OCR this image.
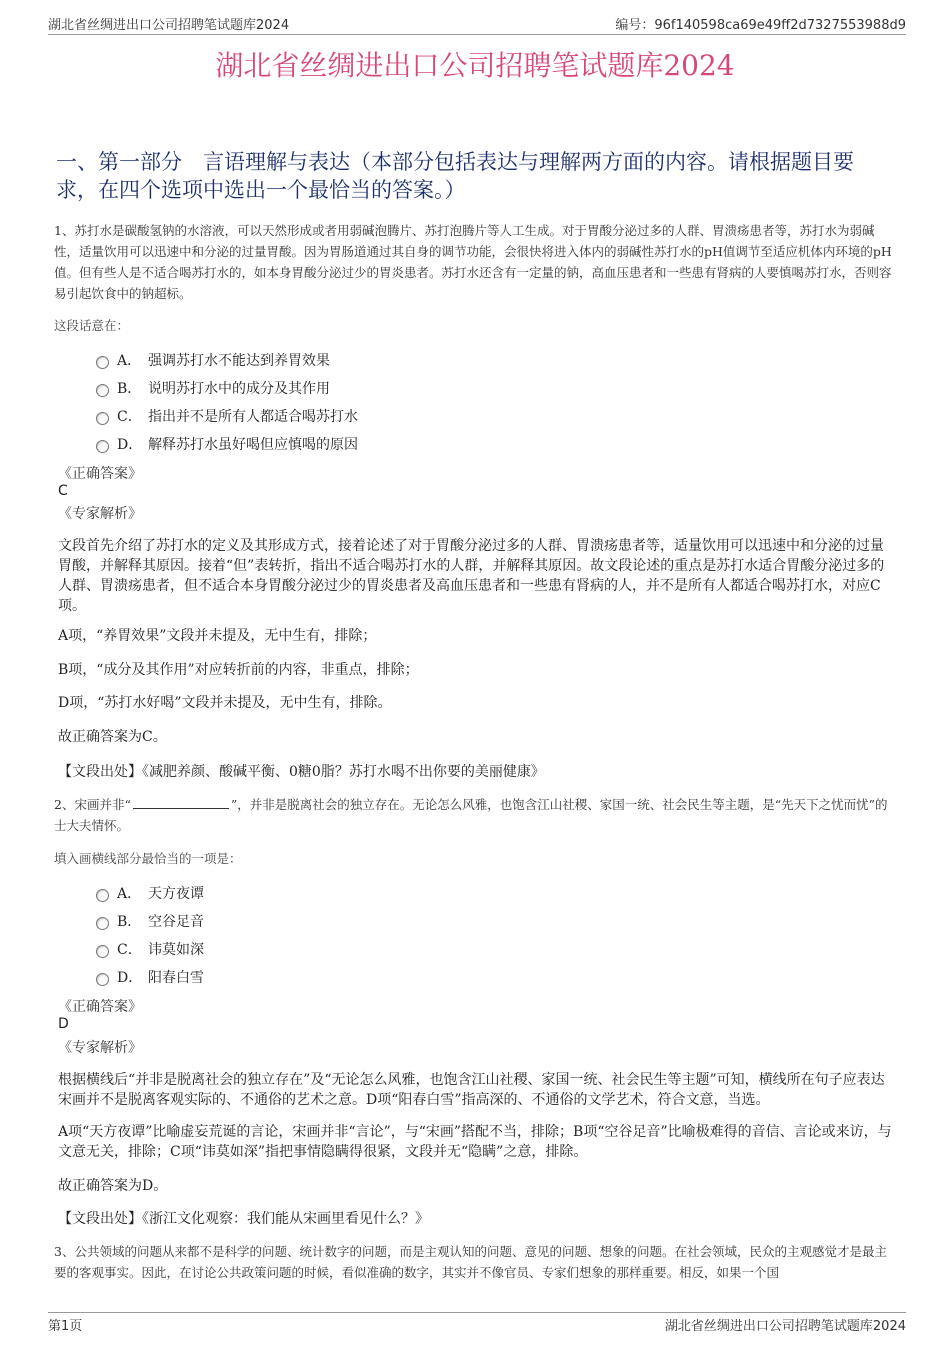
湖北省丝绸进出口公司招聘笔试题库2024	编号：96f140598ca69e49ff2d7327553988d9
湖北省丝绸进出口公司招聘笔试题库2024
一、第一部分　言语理解与表达（本部分包括表达与理解两方面的内容。请根据题目要求，在四个选项中选出一个最恰当的答案。）
1、苏打水是碳酸氢钠的水溶液，可以天然形成或者用弱碱泡腾片、苏打泡腾片等人工生成。对于胃酸分泌过多的人群、胃溃疡患者等，苏打水为弱碱性，适量饮用可以迅速中和分泌的过量胃酸。因为胃肠道通过其自身的调节功能，会很快将进入体内的弱碱性苏打水的pH值调节至适应机体内环境的pH值。但有些人是不适合喝苏打水的，如本身胃酸分泌过少的胃炎患者。苏打水还含有一定量的钠，高血压患者和一些患有肾病的人要慎喝苏打水，否则容易引起饮食中的钠超标。
这段话意在：
A． 强调苏打水不能达到养胃效果
B． 说明苏打水中的成分及其作用
C． 指出并不是所有人都适合喝苏打水
D． 解释苏打水虽好喝但应慎喝的原因
《正确答案》
C
《专家解析》
文段首先介绍了苏打水的定义及其形成方式，接着论述了对于胃酸分泌过多的人群、胃溃疡患者等，适量饮用可以迅速中和分泌的过量胃酸，并解释其原因。接着“但”表转折，指出不适合喝苏打水的人群，并解释其原因。故文段论述的重点是苏打水适合胃酸分泌过多的人群、胃溃疡患者，但不适合本身胃酸分泌过少的胃炎患者及高血压患者和一些患有肾病的人，并不是所有人都适合喝苏打水，对应C项。
A项，“养胃效果”文段并未提及，无中生有，排除；
B项，“成分及其作用”对应转折前的内容，非重点，排除；
D项，“苏打水好喝”文段并未提及，无中生有，排除。
故正确答案为C。
【文段出处】《减肥养颜、酸碱平衡、0糖0脂？苏打水喝不出你要的美丽健康》
2、宋画并非“	”，并非是脱离社会的独立存在。无论怎么风雅，也饱含江山社稷、家国一统、社会民生等主题，是“先天下之忧而忧”的士大夫情怀。
填入画横线部分最恰当的一项是：
A． 天方夜谭
B． 空谷足音
C． 讳莫如深
D． 阳春白雪
《正确答案》
D
《专家解析》
根据横线后“并非是脱离社会的独立存在”及“无论怎么风雅，也饱含江山社稷、家国一统、社会民生等主题”可知，横线所在句子应表达宋画并不是脱离客观实际的、不通俗的艺术之意。D项“阳春白雪”指高深的、不通俗的文学艺术，符合文意，当选。
A项“天方夜谭”比喻虚妄荒诞的言论，宋画并非“言论”，与“宋画”搭配不当，排除；B项“空谷足音”比喻极难得的音信、言论或来访，与文意无关，排除；C项“讳莫如深”指把事情隐瞒得很紧，文段并无“隐瞒”之意，排除。
故正确答案为D。
【文段出处】《浙江文化观察：我们能从宋画里看见什么？》
3、公共领域的问题从来都不是科学的问题、统计数字的问题，而是主观认知的问题、意见的问题、想象的问题。在社会领域，民众的主观感觉才是最主要的客观事实。因此，在讨论公共政策问题的时候，看似准确的数字，其实并不像官员、专家们想象的那样重要。相反，如果一个国
第1页	湖北省丝绸进出口公司招聘笔试题库2024
